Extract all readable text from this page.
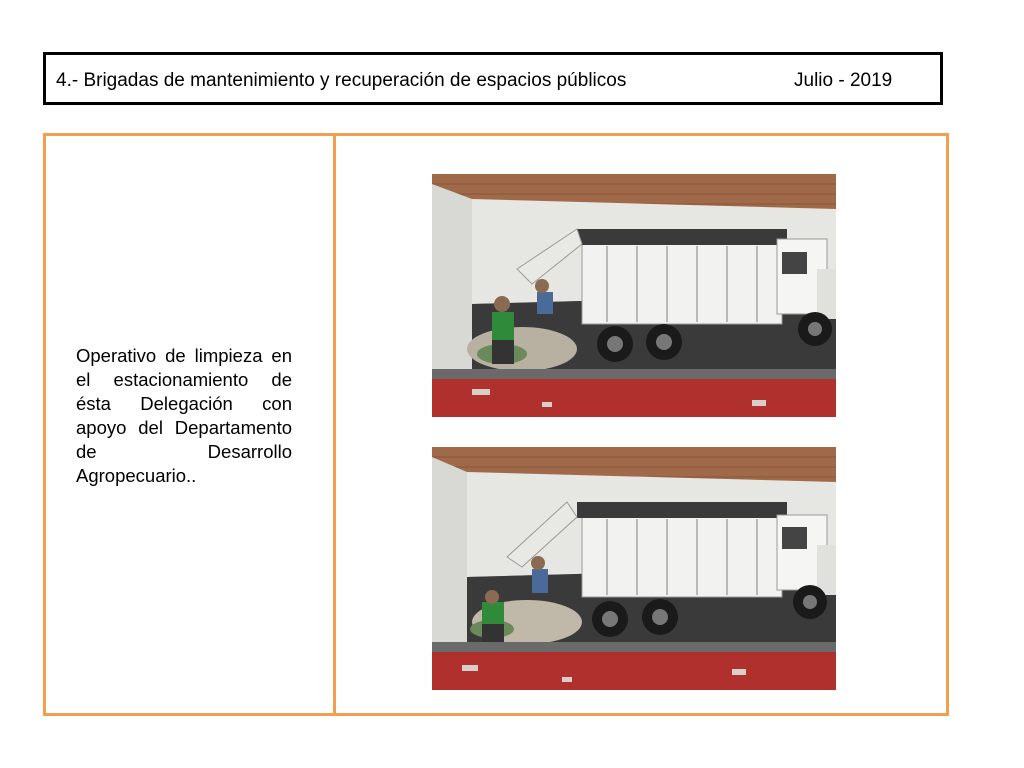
4.- Brigadas de mantenimiento y recuperación de espacios públicos	Julio - 2019
Operativo de limpieza en el estacionamiento de ésta Delegación con apoyo del Departamento de Desarrollo Agropecuario..
